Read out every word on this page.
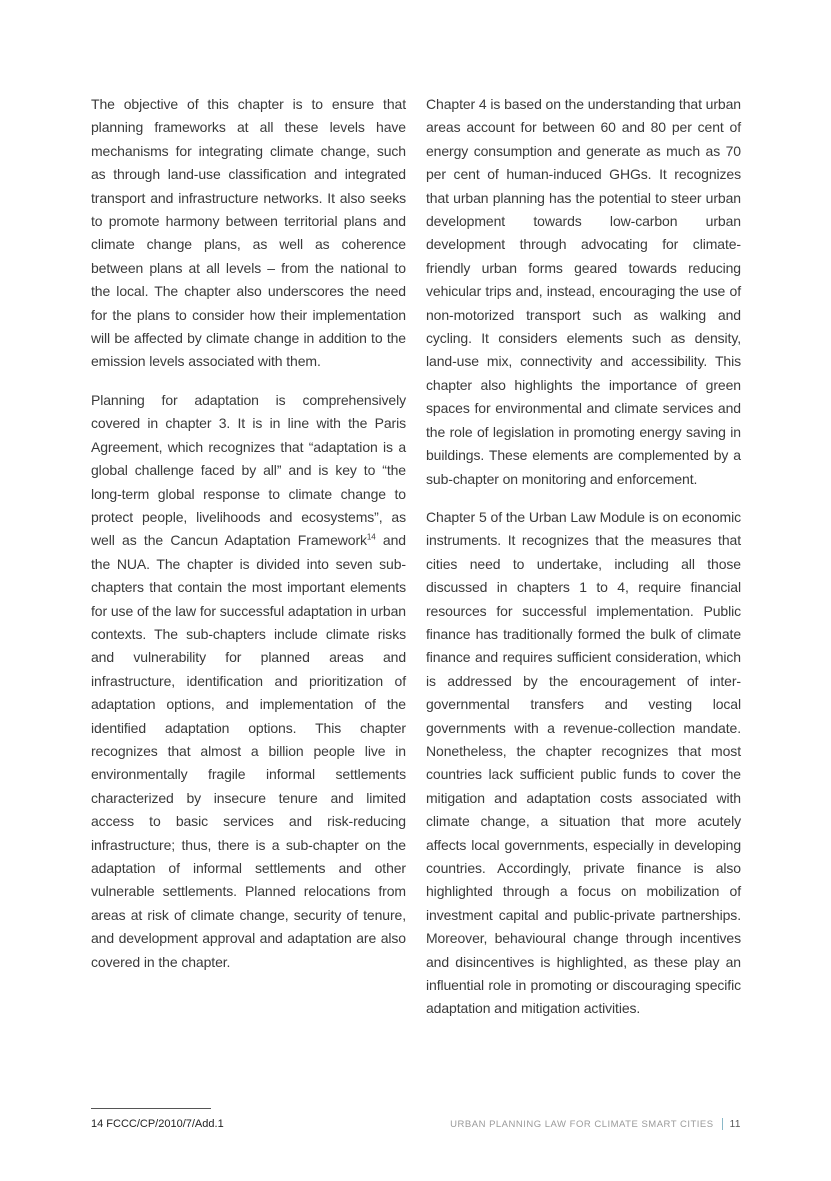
The objective of this chapter is to ensure that planning frameworks at all these levels have mechanisms for integrating climate change, such as through land-use classification and integrated transport and infrastructure networks. It also seeks to promote harmony between territorial plans and climate change plans, as well as coherence between plans at all levels – from the national to the local. The chapter also underscores the need for the plans to consider how their implementation will be affected by climate change in addition to the emission levels associated with them.

Planning for adaptation is comprehensively covered in chapter 3. It is in line with the Paris Agreement, which recognizes that “adaptation is a global challenge faced by all” and is key to “the long-term global response to climate change to protect people, livelihoods and ecosystems”, as well as the Cancun Adaptation Framework$^{14}$ and the NUA. The chapter is divided into seven sub-chapters that contain the most important elements for use of the law for successful adaptation in urban contexts. The sub-chapters include climate risks and vulnerability for planned areas and infrastructure, identification and prioritization of adaptation options, and implementation of the identified adaptation options. This chapter recognizes that almost a billion people live in environmentally fragile informal settlements characterized by insecure tenure and limited access to basic services and risk-reducing infrastructure; thus, there is a sub-chapter on the adaptation of informal settlements and other vulnerable settlements. Planned relocations from areas at risk of climate change, security of tenure, and development approval and adaptation are also covered in the chapter.

Chapter 4 is based on the understanding that urban areas account for between 60 and 80 per cent of energy consumption and generate as much as 70 per cent of human-induced GHGs. It recognizes that urban planning has the potential to steer urban development towards low-carbon urban development through advocating for climate-friendly urban forms geared towards reducing vehicular trips and, instead, encouraging the use of non-motorized transport such as walking and cycling. It considers elements such as density, land-use mix, connectivity and accessibility. This chapter also highlights the importance of green spaces for environmental and climate services and the role of legislation in promoting energy saving in buildings. These elements are complemented by a sub-chapter on monitoring and enforcement.

Chapter 5 of the Urban Law Module is on economic instruments. It recognizes that the measures that cities need to undertake, including all those discussed in chapters 1 to 4, require financial resources for successful implementation. Public finance has traditionally formed the bulk of climate finance and requires sufficient consideration, which is addressed by the encouragement of inter-governmental transfers and vesting local governments with a revenue-collection mandate. Nonetheless, the chapter recognizes that most countries lack sufficient public funds to cover the mitigation and adaptation costs associated with climate change, a situation that more acutely affects local governments, especially in developing countries. Accordingly, private finance is also highlighted through a focus on mobilization of investment capital and public-private partnerships. Moreover, behavioural change through incentives and disincentives is highlighted, as these play an influential role in promoting or discouraging specific adaptation and mitigation activities.

14 FCCC/CP/2010/7/Add.1	URBAN PLANNING LAW FOR CLIMATE SMART CITIES 11
